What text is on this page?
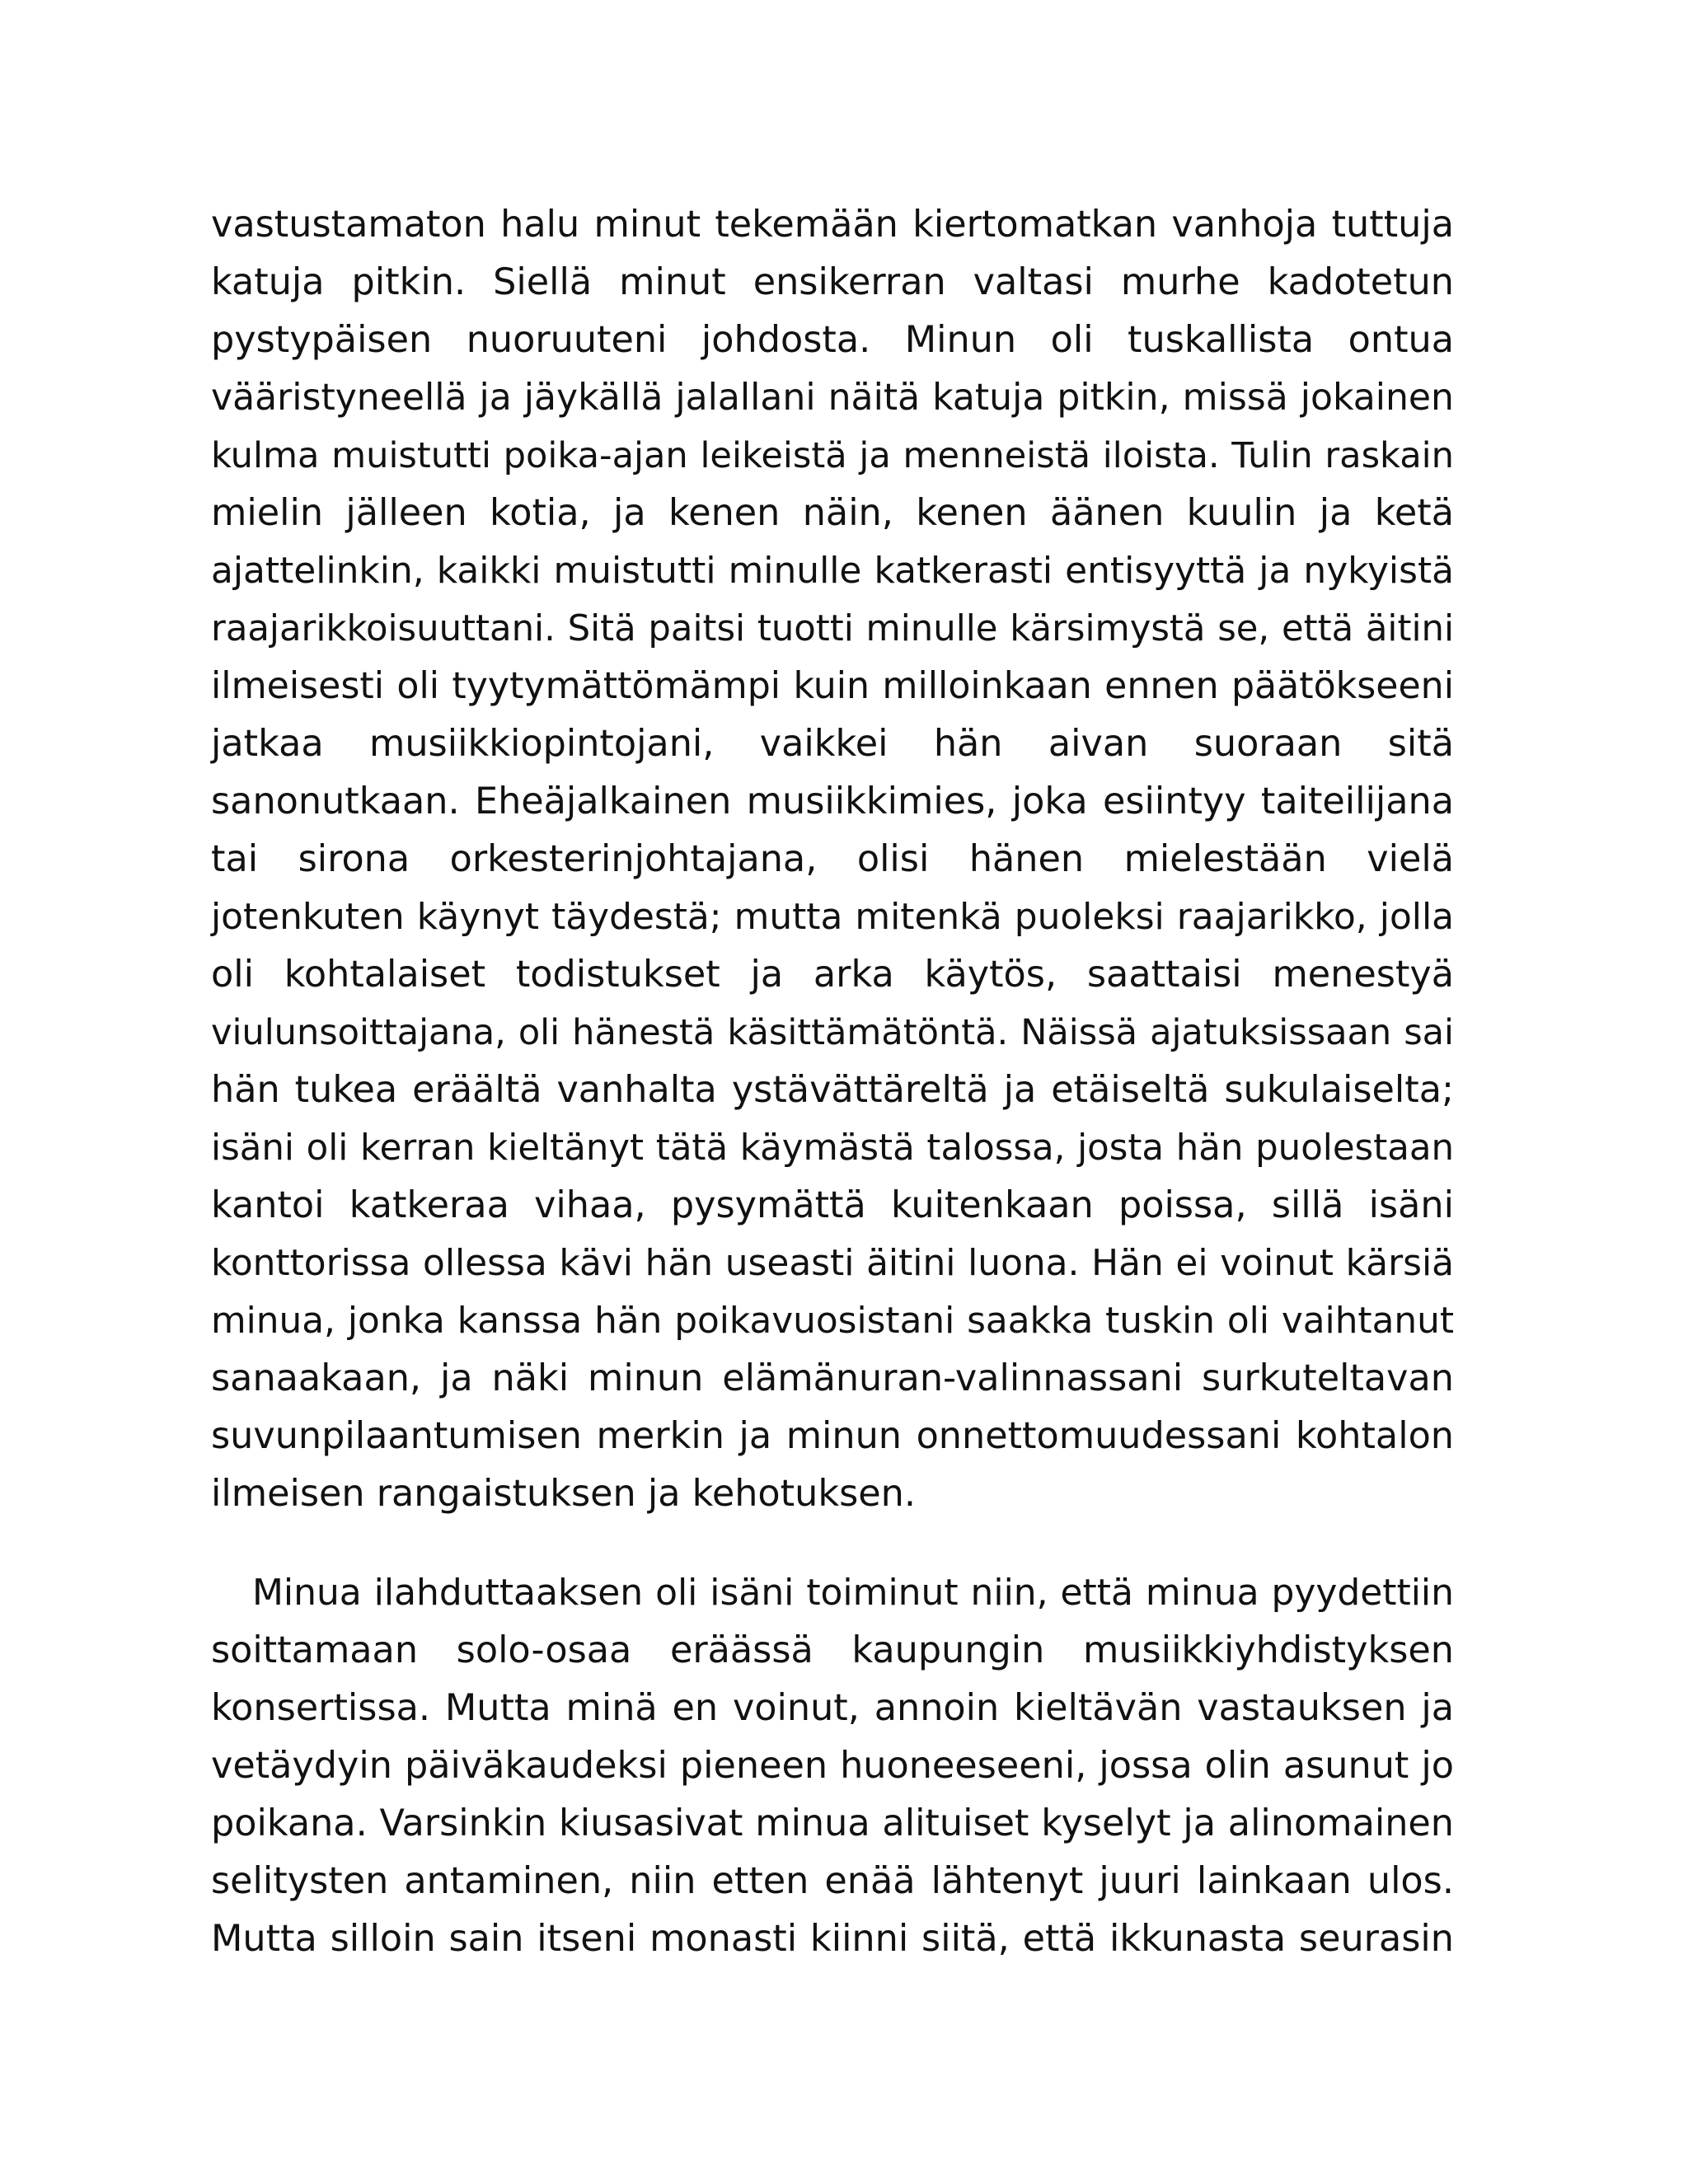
vastustamaton halu minut tekemään kiertomatkan vanhoja tuttuja
katuja pitkin. Siellä minut ensikerran valtasi murhe kadotetun
pystypäisen nuoruuteni johdosta. Minun oli tuskallista ontua
vääristyneellä ja jäykällä jalallani näitä katuja pitkin, missä jokainen
kulma muistutti poika-ajan leikeistä ja menneistä iloista. Tulin raskain
mielin jälleen kotia, ja kenen näin, kenen äänen kuulin ja ketä
ajattelinkin, kaikki muistutti minulle katkerasti entisyyttä ja nykyistä
raajarikkoisuuttani. Sitä paitsi tuotti minulle kärsimystä se, että äitini
ilmeisesti oli tyytymättömämpi kuin milloinkaan ennen päätökseeni
jatkaa musiikkiopintojani, vaikkei hän aivan suoraan sitä
sanonutkaan. Eheäjalkainen musiikkimies, joka esiintyy taiteilijana
tai sirona orkesterinjohtajana, olisi hänen mielestään vielä
jotenkuten käynyt täydestä; mutta mitenkä puoleksi raajarikko, jolla
oli kohtalaiset todistukset ja arka käytös, saattaisi menestyä
viulunsoittajana, oli hänestä käsittämätöntä. Näissä ajatuksissaan sai
hän tukea eräältä vanhalta ystävättäreltä ja etäiseltä sukulaiselta;
isäni oli kerran kieltänyt tätä käymästä talossa, josta hän puolestaan
kantoi katkeraa vihaa, pysymättä kuitenkaan poissa, sillä isäni
konttorissa ollessa kävi hän useasti äitini luona. Hän ei voinut kärsiä
minua, jonka kanssa hän poikavuosistani saakka tuskin oli vaihtanut
sanaakaan, ja näki minun elämänuran-valinnassani surkuteltavan
suvunpilaantumisen merkin ja minun onnettomuudessani kohtalon
ilmeisen rangaistuksen ja kehotuksen.
Minua ilahduttaaksen oli isäni toiminut niin, että minua pyydettiin
soittamaan solo-osaa eräässä kaupungin musiikkiyhdistyksen
konsertissa. Mutta minä en voinut, annoin kieltävän vastauksen ja
vetäydyin päiväkaudeksi pieneen huoneeseeni, jossa olin asunut jo
poikana. Varsinkin kiusasivat minua alituiset kyselyt ja alinomainen
selitysten antaminen, niin etten enää lähtenyt juuri lainkaan ulos.
Mutta silloin sain itseni monasti kiinni siitä, että ikkunasta seurasin
